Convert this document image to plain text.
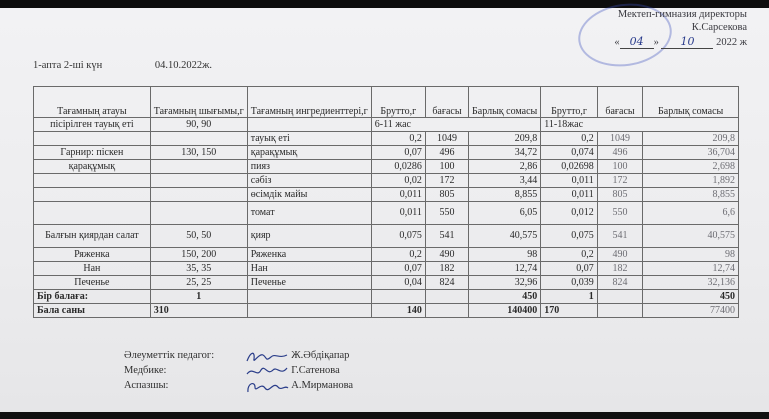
Мектеп-гимназия директоры
К.Сарсекова
« 04 » 10 2022 ж
1-апта 2-ші күн	04.10.2022ж.
Тағамның атауы	Тағамның шығымы,г	Тағамның ингредиенттері,г	Брутто,г	бағасы	Барлық сомасы	Брутто,г	бағасы	Барлық сомасы
пісірілген тауық еті	90, 90		6-11 жас			11-18жас		
		тауық еті	0,2	1049	209,8	0,2	1049	209,8
Гарнир: піскен	130, 150	қарақұмық	0,07	496	34,72	0,074	496	36,704
қарақұмық		пияз	0,0286	100	2,86	0,02698	100	2,698
		сәбіз	0,02	172	3,44	0,011	172	1,892
		өсімдік майы	0,011	805	8,855	0,011	805	8,855
		томат	0,011	550	6,05	0,012	550	6,6
Балғын қиярдан салат	50, 50	қияр	0,075	541	40,575	0,075	541	40,575
Ряженка	150, 200	Ряженка	0,2	490	98	0,2	490	98
Нан	35, 35	Нан	0,07	182	12,74	0,07	182	12,74
Печенье	25, 25	Печенье	0,04	824	32,96	0,039	824	32,136
Бір балаға:	1				450	1		450
Бала саны	310		140		140400	170		77400
Әлеуметтік педагог:	Ж.Әбдіқапар
Медбике:	Г.Сатенова
Аспазшы:	А.Мирманова
